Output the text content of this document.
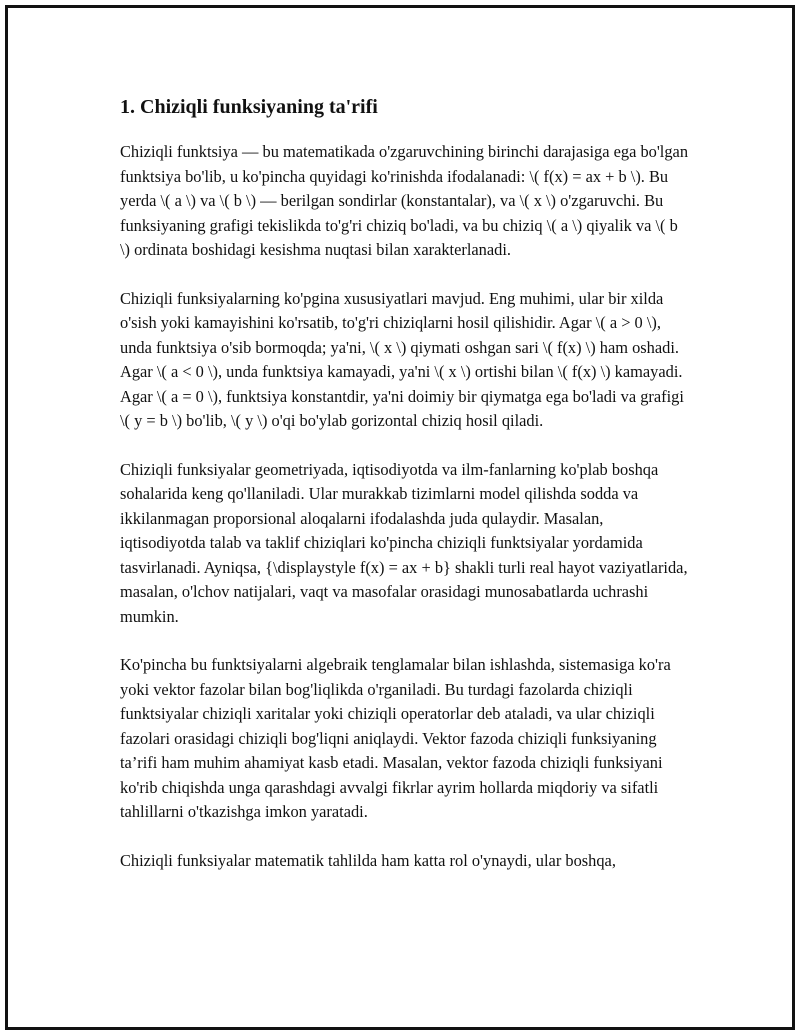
1. Chiziqli funksiyaning ta'rifi

Chiziqli funktsiya — bu matematikada o'zgaruvchining birinchi darajasiga ega bo'lgan funktsiya bo'lib, u ko'pincha quyidagi ko'rinishda ifodalanadi: \( f(x) = ax + b \). Bu yerda \( a \) va \( b \) — berilgan sondirlar (konstantalar), va \( x \) o'zgaruvchi. Bu funksiyaning grafigi tekislikda to'g'ri chiziq bo'ladi, va bu chiziq \( a \) qiyalik va \( b \) ordinata boshidagi kesishma nuqtasi bilan xarakterlanadi.

Chiziqli funksiyalarning ko'pgina xususiyatlari mavjud. Eng muhimi, ular bir xilda o'sish yoki kamayishini ko'rsatib, to'g'ri chiziqlarni hosil qilishidir. Agar \( a > 0 \), unda funktsiya o'sib bormoqda; ya'ni, \( x \) qiymati oshgan sari \( f(x) \) ham oshadi. Agar \( a < 0 \), unda funktsiya kamayadi, ya'ni \( x \) ortishi bilan \( f(x) \) kamayadi. Agar \( a = 0 \), funktsiya konstantdir, ya'ni doimiy bir qiymatga ega bo'ladi va grafigi \( y = b \) bo'lib, \( y \) o'qi bo'ylab gorizontal chiziq hosil qiladi.

Chiziqli funksiyalar geometriyada, iqtisodiyotda va ilm-fanlarning ko'plab boshqa sohalarida keng qo'llaniladi. Ular murakkab tizimlarni model qilishda sodda va ikkilanmagan proporsional aloqalarni ifodalashda juda qulaydir. Masalan, iqtisodiyotda talab va taklif chiziqlari ko'pincha chiziqli funktsiyalar yordamida tasvirlanadi. Ayniqsa, {\displaystyle f(x) = ax + b} shakli turli real hayot vaziyatlarida, masalan, o'lchov natijalari, vaqt va masofalar orasidagi munosabatlarda uchrashi mumkin.

Ko'pincha bu funktsiyalarni algebraik tenglamalar bilan ishlashda, sistemasiga ko'ra yoki vektor fazolar bilan bog'liqlikda o'rganiladi. Bu turdagi fazolarda chiziqli funktsiyalar chiziqli xaritalar yoki chiziqli operatorlar deb ataladi, va ular chiziqli fazolari orasidagi chiziqli bog'liqni aniqlaydi. Vektor fazoda chiziqli funksiyaning ta’rifi ham muhim ahamiyat kasb etadi. Masalan, vektor fazoda chiziqli funksiyani ko'rib chiqishda unga qarashdagi avvalgi fikrlar ayrim hollarda miqdoriy va sifatli tahlillarni o'tkazishga imkon yaratadi.

Chiziqli funksiyalar matematik tahlilda ham katta rol o'ynaydi, ular boshqa,
